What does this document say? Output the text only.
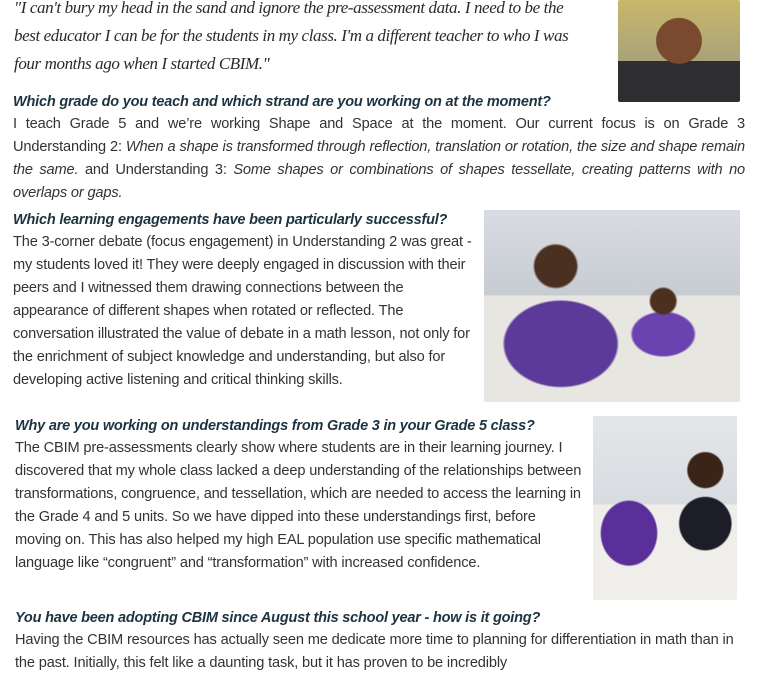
"I can't bury my head in the sand and ignore the pre-assessment data. I need to be the
best educator I can be for the students in my class. I'm a different teacher to who I was
four months ago when I started CBIM."
Which grade do you teach and which strand are you working on at the moment?
I teach Grade 5 and we’re working Shape and Space at the moment. Our current focus is on Grade 3 Understanding 2: When a shape is transformed through reflection, translation or rotation, the size and shape remain the same. and Understanding 3: Some shapes or combinations of shapes tessellate, creating patterns with no overlaps or gaps.
Which learning engagements have been particularly successful?
The 3-corner debate (focus engagement) in Understanding 2 was great - my students loved it! They were deeply engaged in discussion with their peers and I witnessed them drawing connections between the appearance of different shapes when rotated or reflected. The conversation illustrated the value of debate in a math lesson, not only for the enrichment of subject knowledge and understanding, but also for developing active listening and critical thinking skills.
Why are you working on understandings from Grade 3 in your Grade 5 class?
The CBIM pre-assessments clearly show where students are in their learning journey. I discovered that my whole class lacked a deep understanding of the relationships between transformations, congruence, and tessellation, which are needed to access the learning in the Grade 4 and 5 units. So we have dipped into these understandings first, before moving on. This has also helped my high EAL population use specific mathematical language like “congruent” and “transformation” with increased confidence.
You have been adopting CBIM since August this school year - how is it going?
Having the CBIM resources has actually seen me dedicate more time to planning for differentiation in math than in the past. Initially, this felt like a daunting task, but it has proven to be incredibly
